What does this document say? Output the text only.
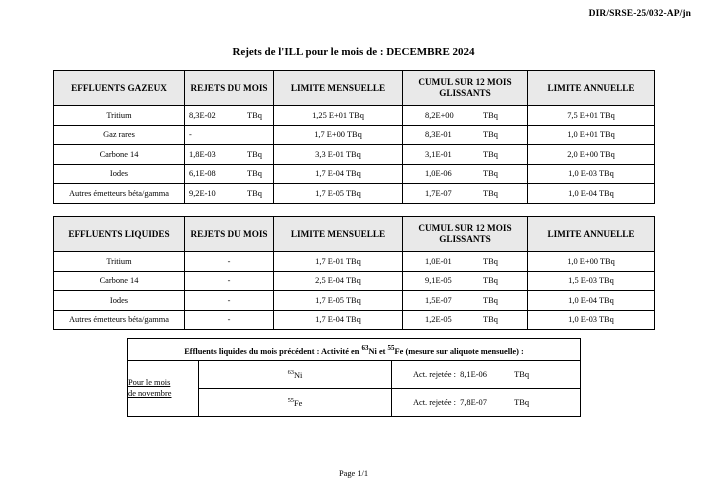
DIR/SRSE-25/032-AP/jn
Rejets de l'ILL pour le mois de : DECEMBRE 2024
EFFLUENTS GAZEUX	REJETS DU MOIS	LIMITE MENSUELLE	CUMUL SUR 12 MOIS GLISSANTS	LIMITE ANNUELLE
Tritium	8,3E-02 TBq	1,25 E+01 TBq	8,2E+00 TBq	7,5 E+01 TBq

Gaz rares	-	1,7 E+00 TBq	8,3E-01 TBq	1,0 E+01 TBq

Carbone 14	1,8E-03 TBq	3,3 E-01 TBq	3,1E-01 TBq	2,0 E+00 TBq

Iodes	6,1E-08 TBq	1,7 E-04 TBq	1,0E-06 TBq	1,0 E-03 TBq

Autres émetteurs béta/gamma	9,2E-10 TBq	1,7 E-05 TBq	1,7E-07 TBq	1,0 E-04 TBq
EFFLUENTS LIQUIDES	REJETS DU MOIS	LIMITE MENSUELLE	CUMUL SUR 12 MOIS GLISSANTS	LIMITE ANNUELLE
Tritium	-	1,7 E-01 TBq	1,0E-01 TBq	1,0 E+00 TBq

Carbone 14	-	2,5 E-04 TBq	9,1E-05 TBq	1,5 E-03 TBq

Iodes	-	1,7 E-05 TBq	1,5E-07 TBq	1,0 E-04 TBq

Autres émetteurs béta/gamma	-	1,7 E-04 TBq	1,2E-05 TBq	1,0 E-03 TBq
Effluents liquides du mois précédent : Activité en $^{63}$Ni et $^{55}$Fe (mesure sur aliquote mensuelle) :		

Pour le mois
de novembre	$^{63}$Ni	Act. rejetée : 8,1E-06 TBq

	$^{55}$Fe	Act. rejetée : 7,8E-07 TBq

Page 1/1
